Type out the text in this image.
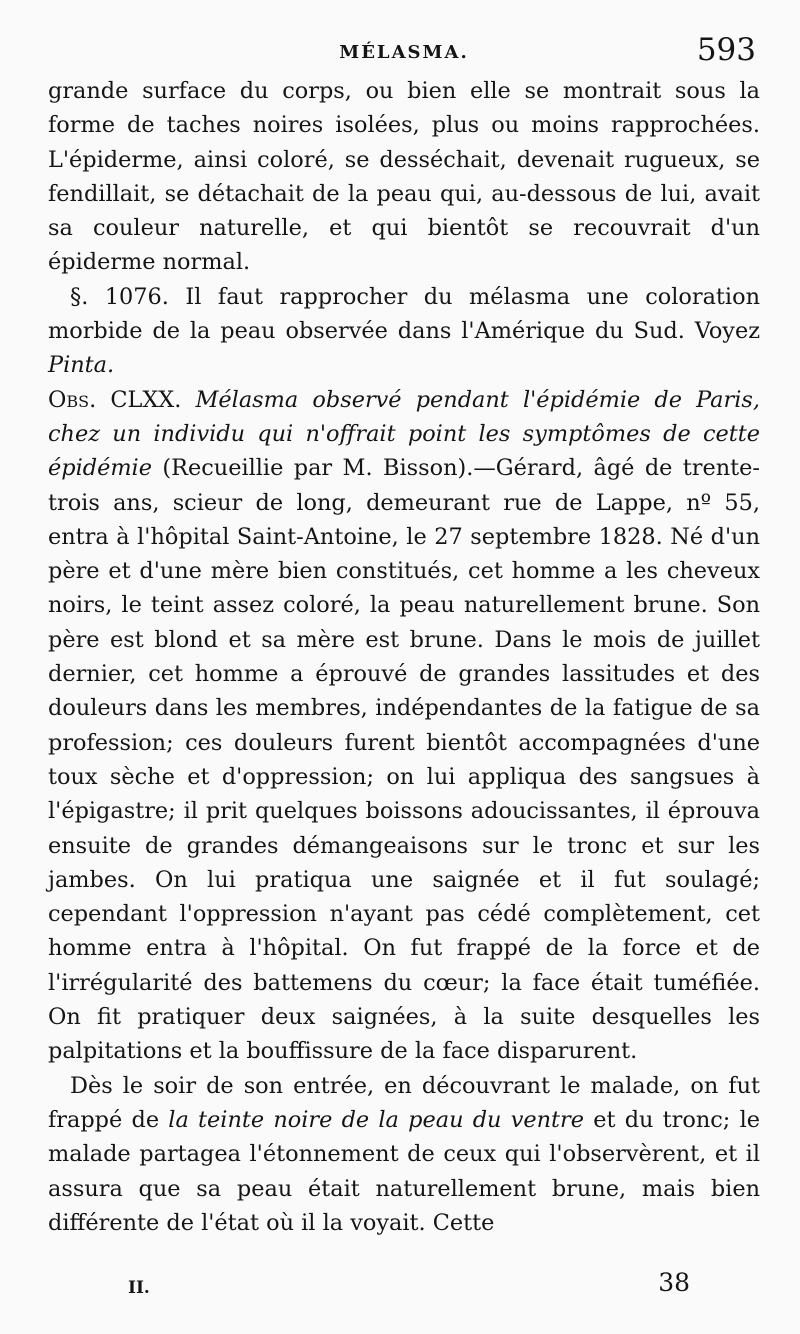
MÉLASMA.	593

grande surface du corps, ou bien elle se montrait sous la forme de taches noires isolées, plus ou moins rapprochées. L'épiderme, ainsi coloré, se desséchait, devenait rugueux, se fendillait, se détachait de la peau qui, au-dessous de lui, avait sa couleur naturelle, et qui bientôt se recouvrait d'un épiderme normal.

§. 1076. Il faut rapprocher du mélasma une coloration morbide de la peau observée dans l'Amérique du Sud. Voyez Pinta.

Obs. CLXX. Mélasma observé pendant l'épidémie de Paris, chez un individu qui n'offrait point les symptômes de cette épidémie (Recueillie par M. Bisson).—Gérard, âgé de trente-trois ans, scieur de long, demeurant rue de Lappe, nº 55, entra à l'hôpital Saint-Antoine, le 27 septembre 1828. Né d'un père et d'une mère bien constitués, cet homme a les cheveux noirs, le teint assez coloré, la peau naturellement brune. Son père est blond et sa mère est brune. Dans le mois de juillet dernier, cet homme a éprouvé de grandes lassitudes et des douleurs dans les membres, indépendantes de la fatigue de sa profession; ces douleurs furent bientôt accompagnées d'une toux sèche et d'oppression; on lui appliqua des sangsues à l'épigastre; il prit quelques boissons adoucissantes, il éprouva ensuite de grandes démangeaisons sur le tronc et sur les jambes. On lui pratiqua une saignée et il fut soulagé; cependant l'oppression n'ayant pas cédé complètement, cet homme entra à l'hôpital. On fut frappé de la force et de l'irrégularité des battemens du cœur; la face était tuméfiée. On fit pratiquer deux saignées, à la suite desquelles les palpitations et la bouffissure de la face disparurent.

Dès le soir de son entrée, en découvrant le malade, on fut frappé de la teinte noire de la peau du ventre et du tronc; le malade partagea l'étonnement de ceux qui l'observèrent, et il assura que sa peau était naturellement brune, mais bien différente de l'état où il la voyait. Cette

II.	38
